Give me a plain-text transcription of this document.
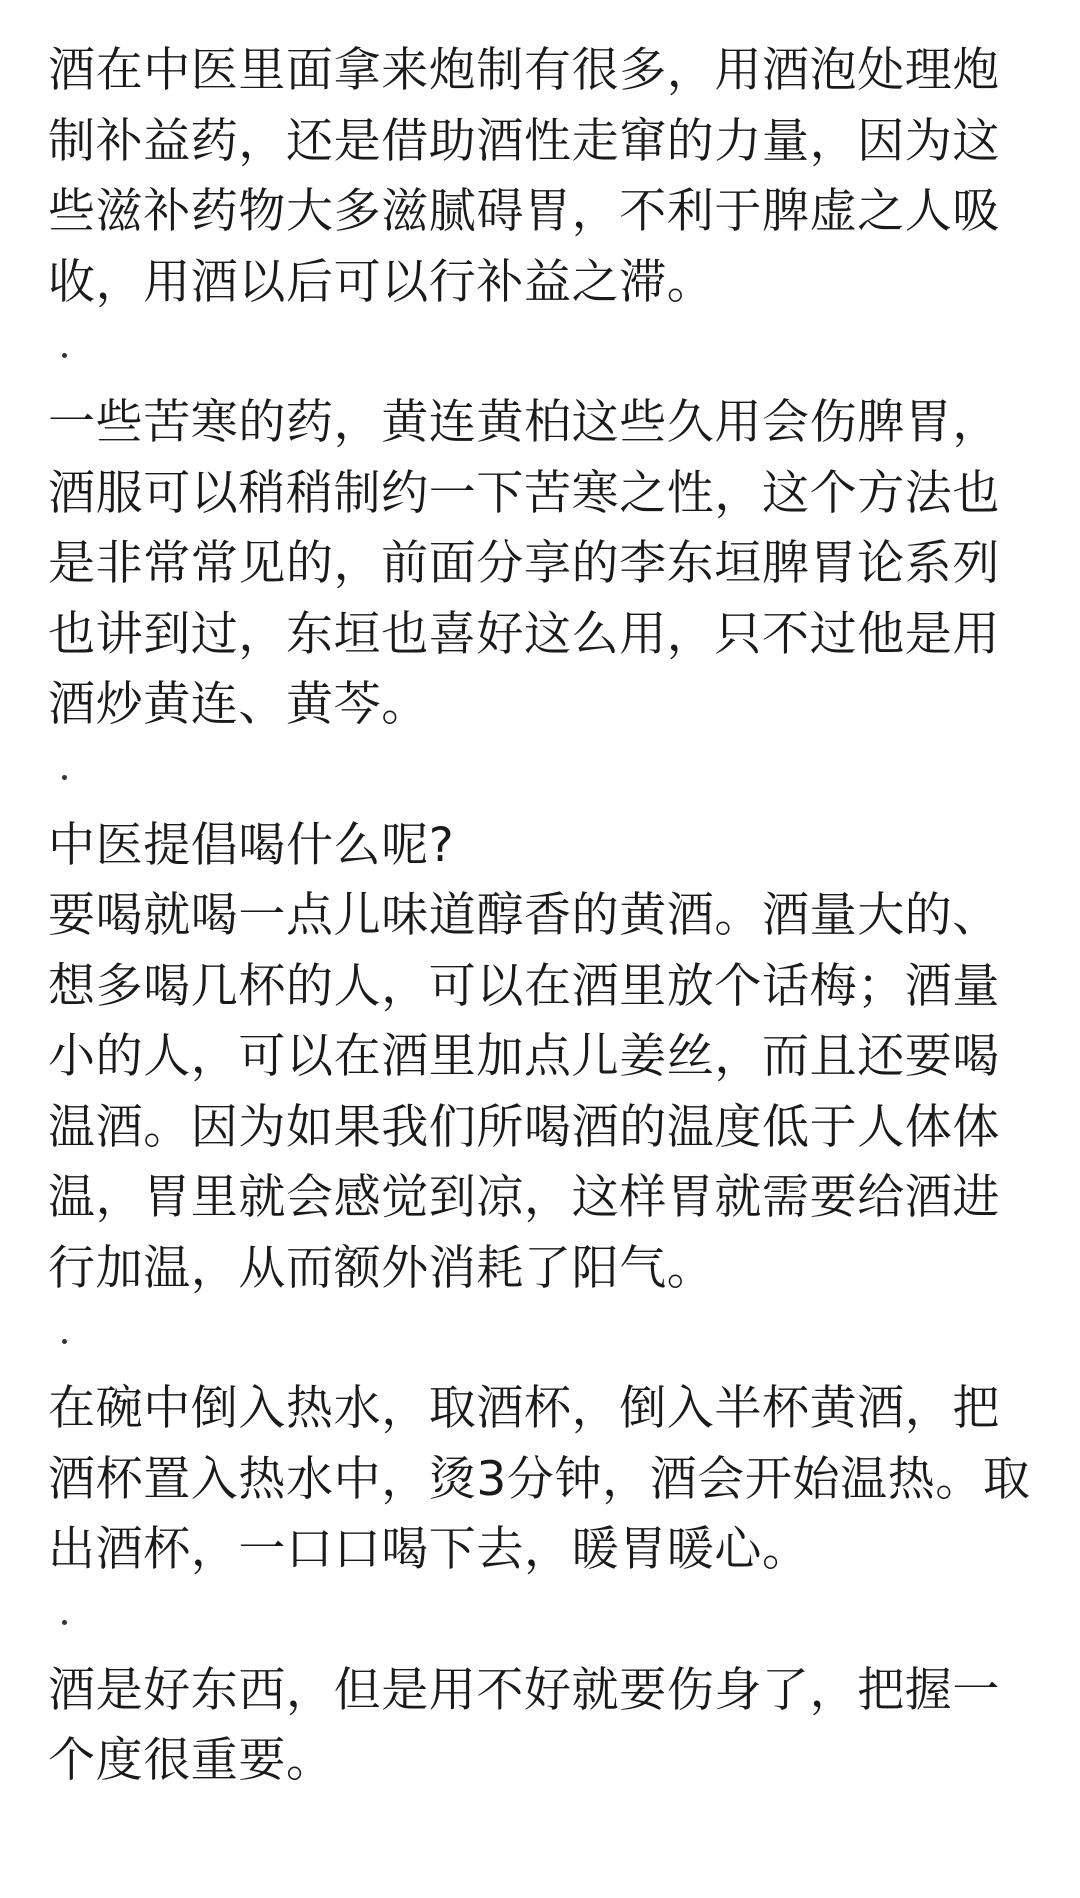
酒在中医里面拿来炮制有很多，用酒泡处理炮制补益药，还是借助酒性走窜的力量，因为这些滋补药物大多滋腻碍胃，不利于脾虚之人吸收，用酒以后可以行补益之滞。

一些苦寒的药，黄连黄柏这些久用会伤脾胃，酒服可以稍稍制约一下苦寒之性，这个方法也是非常常见的，前面分享的李东垣脾胃论系列也讲到过，东垣也喜好这么用，只不过他是用酒炒黄连、黄芩。

中医提倡喝什么呢?

要喝就喝一点儿味道醇香的黄酒。酒量大的、想多喝几杯的人，可以在酒里放个话梅；酒量小的人，可以在酒里加点儿姜丝，而且还要喝温酒。因为如果我们所喝酒的温度低于人体体温，胃里就会感觉到凉，这样胃就需要给酒进行加温，从而额外消耗了阳气。

在碗中倒入热水，取酒杯，倒入半杯黄酒，把酒杯置入热水中，烫3分钟，酒会开始温热。取出酒杯，一口口喝下去，暖胃暖心。

酒是好东西，但是用不好就要伤身了，把握一个度很重要。
